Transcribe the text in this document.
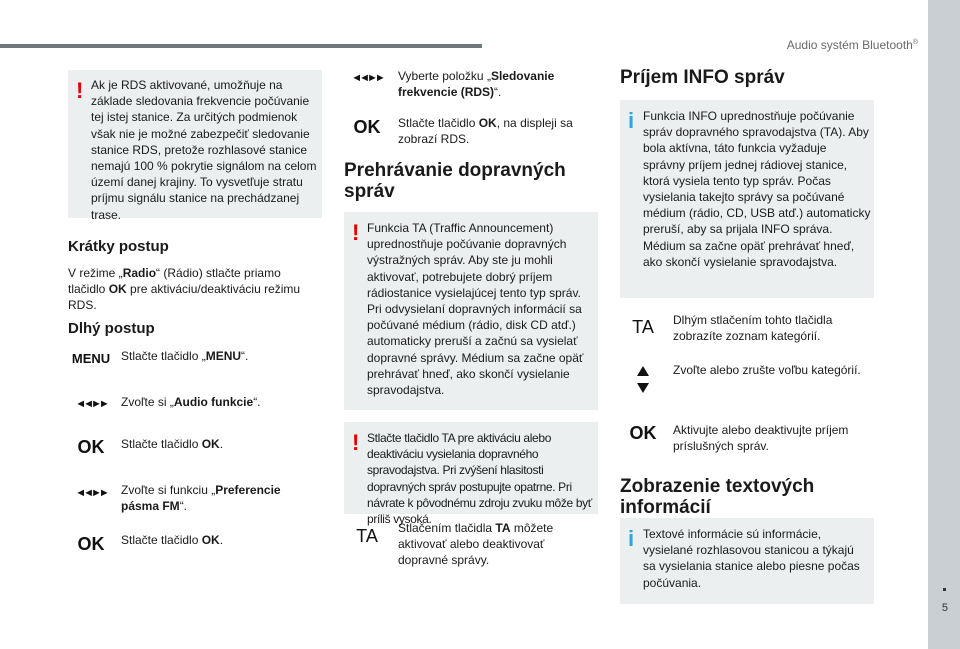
Audio systém Bluetooth®
5
! Ak je RDS aktivované, umožňuje na základe sledovania frekvencie počúvanie tej istej stanice. Za určitých podmienok však nie je možné zabezpečiť sledovanie stanice RDS, pretože rozhlasové stanice nemajú 100 % pokrytie signálom na celom území danej krajiny. To vysvetľuje stratu príjmu signálu stanice na prechádzanej trase.

Krátky postup
V režime „Radio“ (Rádio) stlačte priamo tlačidlo OK pre aktiváciu/deaktiváciu režimu RDS.
Dlhý postup
MENU Stlačte tlačidlo „MENU“.
◄◄ ►►	Zvoľte si „Audio funkcie“.
OK	Stlačte tlačidlo OK.
◄◄ ►►	Zvoľte si funkciu „Preferencie pásma FM“.
OK	Stlačte tlačidlo OK.
◄◄ ►►	Vyberte položku „Sledovanie frekvencie (RDS)“.
OK	Stlačte tlačidlo OK, na displeji sa zobrazí RDS.
Prehrávanie dopravných správ
! Funkcia TA (Traffic Announcement) uprednostňuje počúvanie dopravných výstražných správ. Aby ste ju mohli aktivovať, potrebujete dobrý príjem rádiostanice vysielajúcej tento typ správ. Pri odvysielaní dopravných informácií sa počúvané médium (rádio, disk CD atď.) automaticky preruší a začnú sa vysielať dopravné správy. Médium sa začne opäť prehrávať hneď, ako skončí vysielanie spravodajstva.

! Stlačte tlačidlo TA pre aktiváciu alebo deaktiváciu vysielania dopravného spravodajstva. Pri zvýšení hlasitosti dopravných správ postupujte opatrne. Pri návrate k pôvodnému zdroju zvuku môže byť príliš vysoká.

TA	Stlačením tlačidla TA môžete aktivovať alebo deaktivovať dopravné správy.
Príjem INFO správ
i Funkcia INFO uprednostňuje počúvanie správ dopravného spravodajstva (TA). Aby bola aktívna, táto funkcia vyžaduje správny príjem jednej rádiovej stanice, ktorá vysiela tento typ správ. Počas vysielania takejto správy sa počúvané médium (rádio, CD, USB atď.) automaticky preruší, aby sa prijala INFO správa. Médium sa začne opäť prehrávať hneď, ako skončí vysielanie spravodajstva.

TA	Dlhým stlačením tohto tlačidla zobrazíte zoznam kategórií.
Zvoľte alebo zrušte voľbu kategórií.
OK	Aktivujte alebo deaktivujte príjem príslušných správ.
Zobrazenie textových informácií
i Textové informácie sú informácie, vysielané rozhlasovou stanicou a týkajú sa vysielania stanice alebo piesne počas počúvania.
